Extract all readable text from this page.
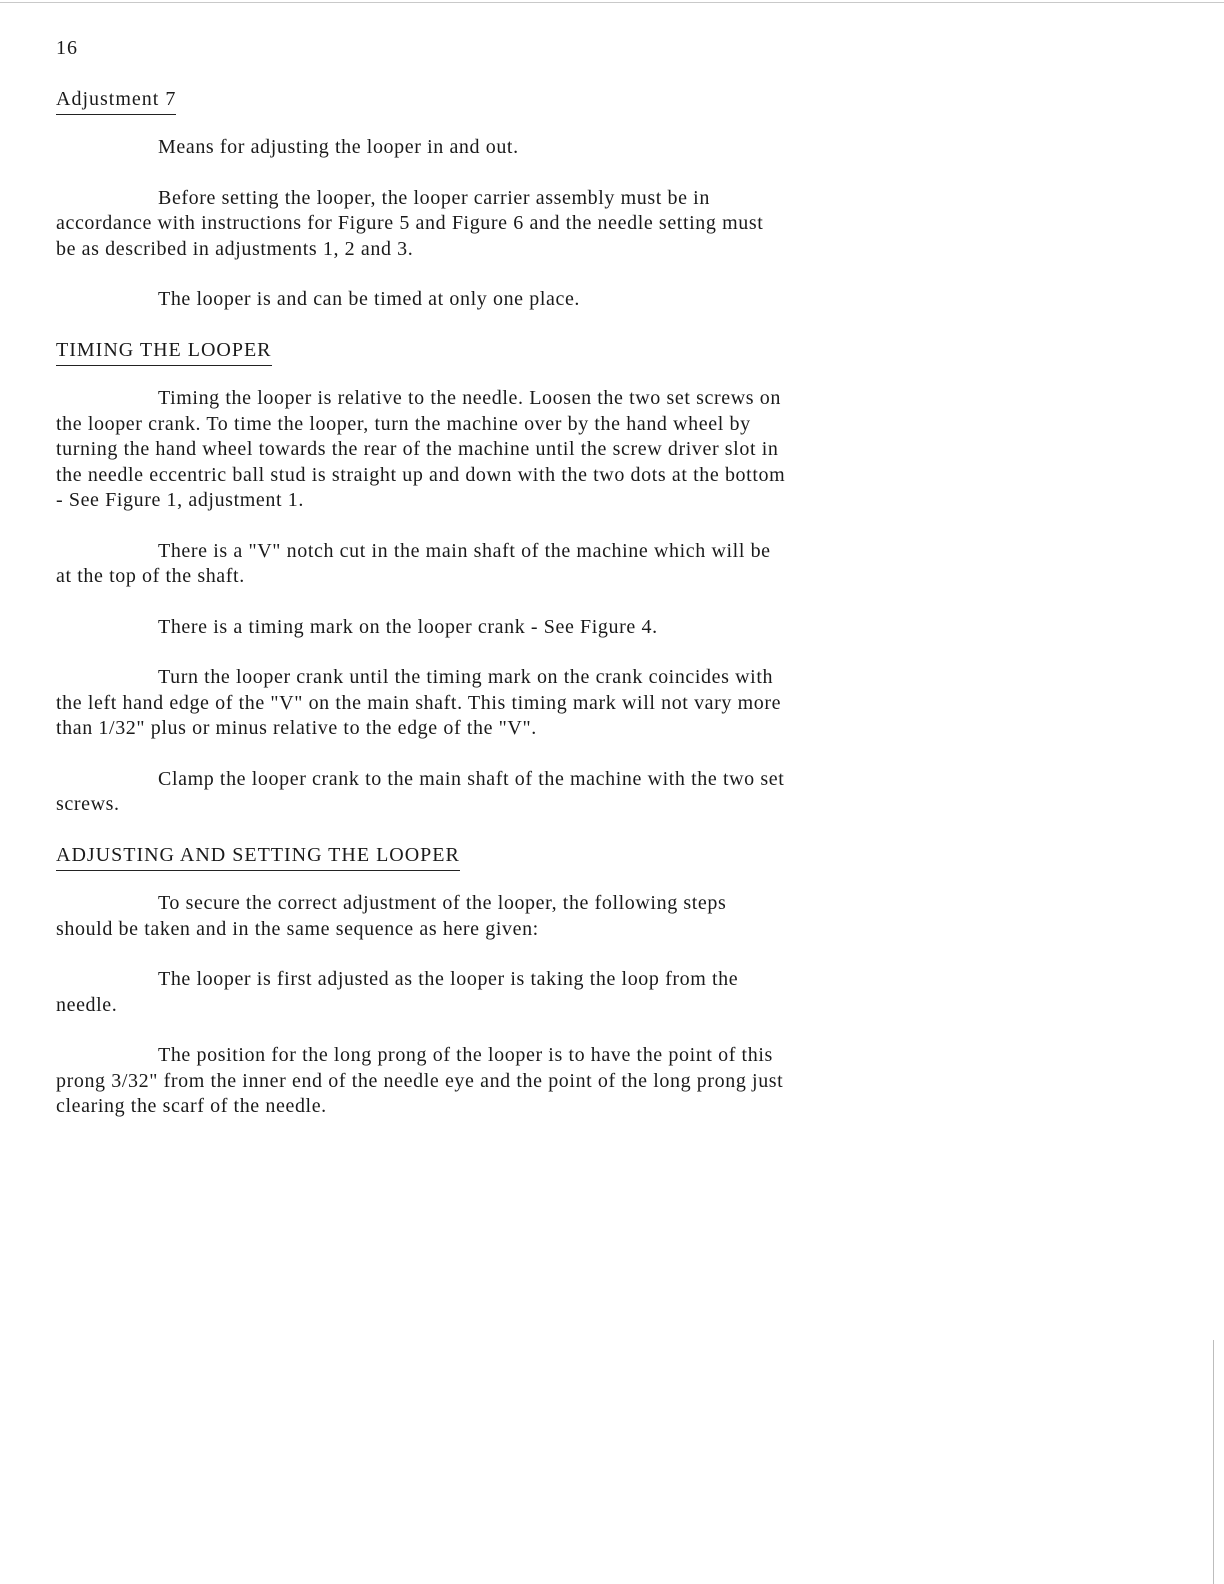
16
Adjustment 7

Means for adjusting the looper in and out.

Before setting the looper, the looper carrier assembly must be in accordance with instructions for Figure 5 and Figure 6 and the needle setting must be as described in adjustments 1, 2 and 3.

The looper is and can be timed at only one place.

TIMING THE LOOPER

Timing the looper is relative to the needle. Loosen the two set screws on the looper crank. To time the looper, turn the machine over by the hand wheel by turning the hand wheel towards the rear of the machine until the screw driver slot in the needle eccentric ball stud is straight up and down with the two dots at the bottom - See Figure 1, adjustment 1.

There is a "V" notch cut in the main shaft of the machine which will be at the top of the shaft.

There is a timing mark on the looper crank - See Figure 4.

Turn the looper crank until the timing mark on the crank coincides with the left hand edge of the "V" on the main shaft. This timing mark will not vary more than 1/32" plus or minus relative to the edge of the "V".

Clamp the looper crank to the main shaft of the machine with the two set screws.

ADJUSTING AND SETTING THE LOOPER

To secure the correct adjustment of the looper, the following steps should be taken and in the same sequence as here given:

The looper is first adjusted as the looper is taking the loop from the needle.

The position for the long prong of the looper is to have the point of this prong 3/32" from the inner end of the needle eye and the point of the long prong just clearing the scarf of the needle.
